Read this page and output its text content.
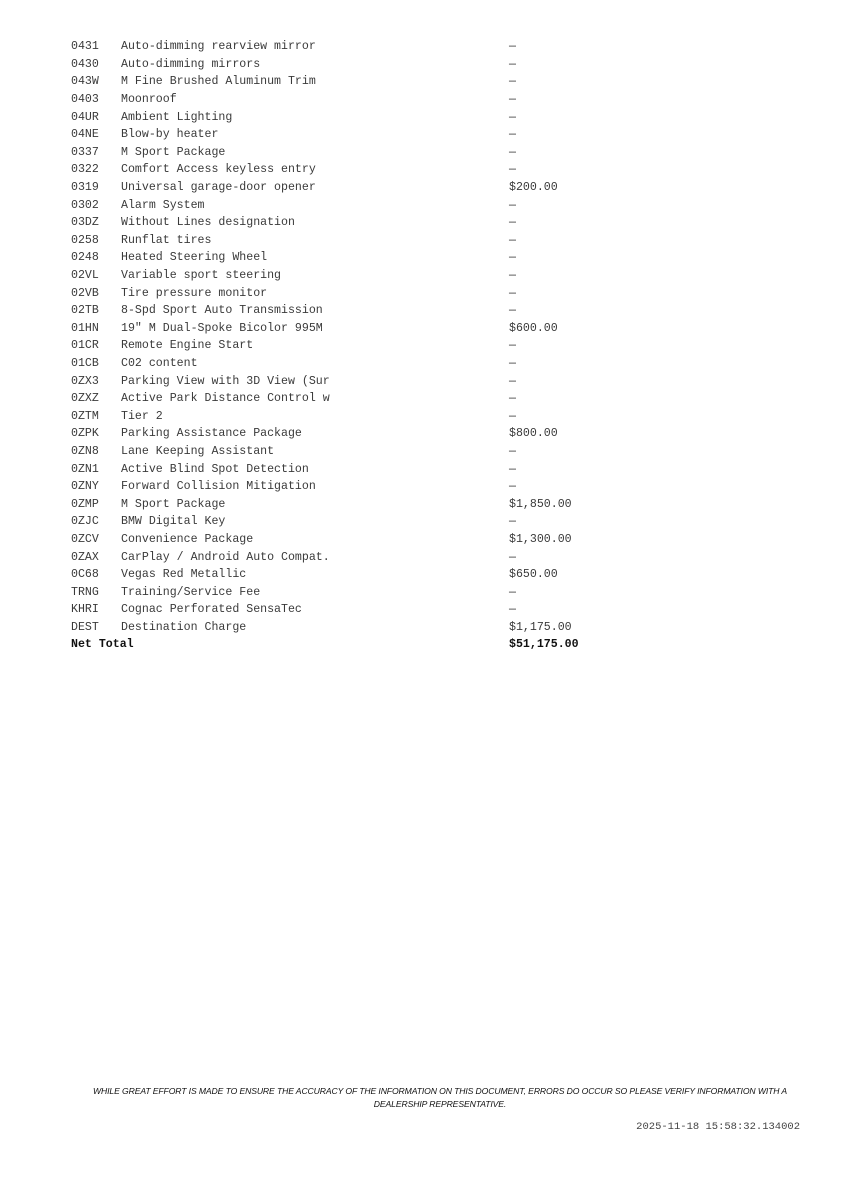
0431	Auto-dimming rearview mirror	—
0430	Auto-dimming mirrors	—
043W	M Fine Brushed Aluminum Trim	—
0403	Moonroof	—
04UR	Ambient Lighting	—
04NE	Blow-by heater	—
0337	M Sport Package	—
0322	Comfort Access keyless entry	—
0319	Universal garage-door opener	$200.00
0302	Alarm System	—
03DZ	Without Lines designation	—
0258	Runflat tires	—
0248	Heated Steering Wheel	—
02VL	Variable sport steering	—
02VB	Tire pressure monitor	—
02TB	8-Spd Sport Auto Transmission	—
01HN	19" M Dual-Spoke Bicolor 995M	$600.00
01CR	Remote Engine Start	—
01CB	C02 content	—
0ZX3	Parking View with 3D View (Sur	—
0ZXZ	Active Park Distance Control w	—
0ZTM	Tier 2	—
0ZPK	Parking Assistance Package	$800.00
0ZN8	Lane Keeping Assistant	—
0ZN1	Active Blind Spot Detection	—
0ZNY	Forward Collision Mitigation	—
0ZMP	M Sport Package	$1,850.00
0ZJC	BMW Digital Key	—
0ZCV	Convenience Package	$1,300.00
0ZAX	CarPlay / Android Auto Compat.	—
0C68	Vegas Red Metallic	$650.00
TRNG	Training/Service Fee	—
KHRI	Cognac Perforated SensaTec	—
DEST	Destination Charge	$1,175.00
Net Total	$51,175.00
WHILE GREAT EFFORT IS MADE TO ENSURE THE ACCURACY OF THE INFORMATION ON THIS DOCUMENT, ERRORS DO OCCUR SO PLEASE VERIFY INFORMATION WITH A DEALERSHIP REPRESENTATIVE.
2025-11-18 15:58:32.134002
